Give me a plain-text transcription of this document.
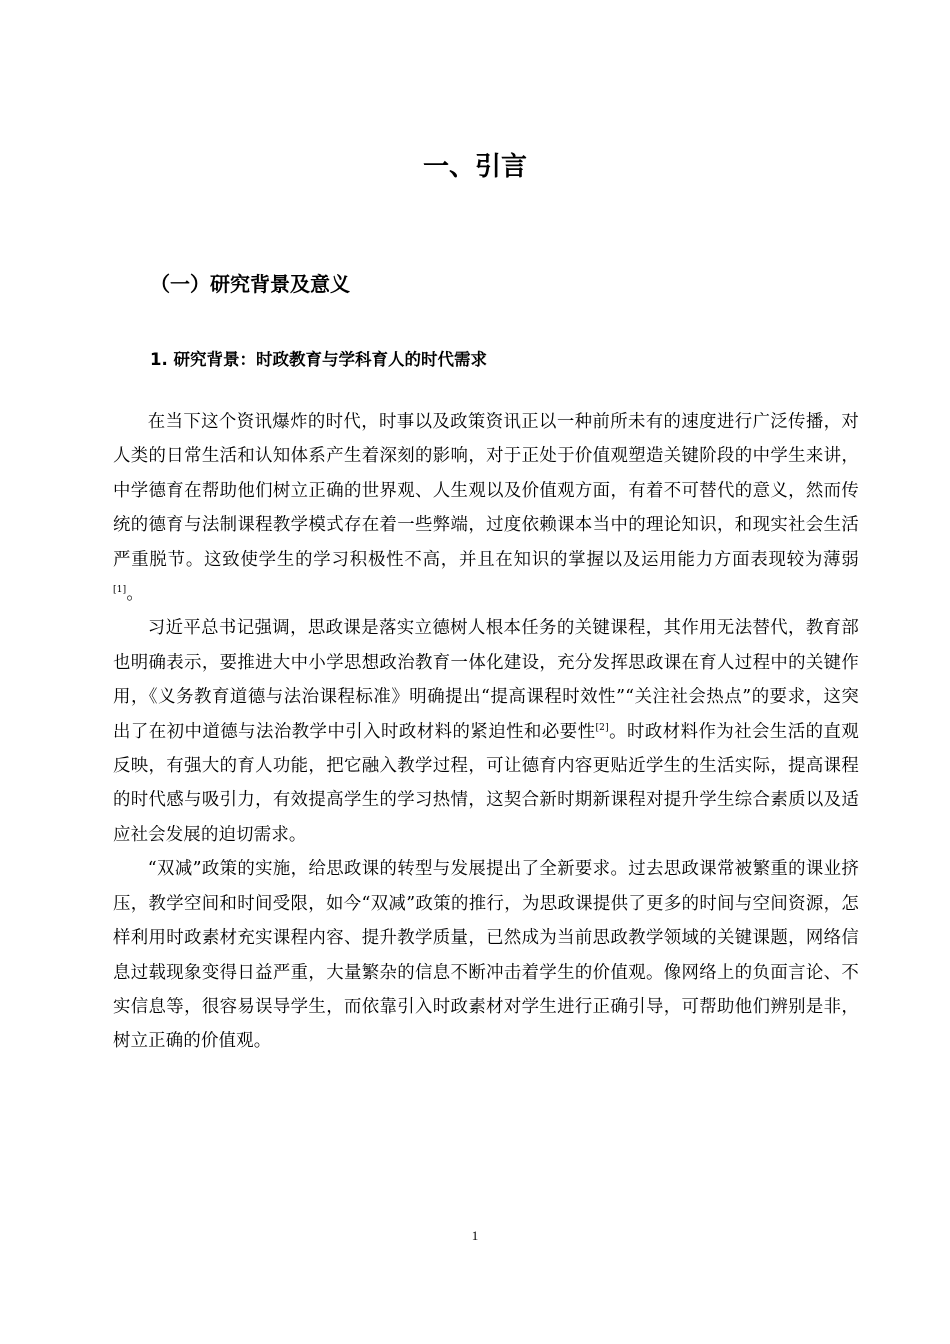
一、引言
（一）研究背景及意义
1. 研究背景：时政教育与学科育人的时代需求

在当下这个资讯爆炸的时代，时事以及政策资讯正以一种前所未有的速度进行广泛传播，对人类的日常生活和认知体系产生着深刻的影响，对于正处于价值观塑造关键阶段的中学生来讲，中学德育在帮助他们树立正确的世界观、人生观以及价值观方面，有着不可替代的意义，然而传统的德育与法制课程教学模式存在着一些弊端，过度依赖课本当中的理论知识，和现实社会生活严重脱节。这致使学生的学习积极性不高，并且在知识的掌握以及运用能力方面表现较为薄弱[1]。

习近平总书记强调，思政课是落实立德树人根本任务的关键课程，其作用无法替代，教育部也明确表示，要推进大中小学思想政治教育一体化建设，充分发挥思政课在育人过程中的关键作用，《义务教育道德与法治课程标准》明确提出“提高课程时效性”“关注社会热点”的要求，这突出了在初中道德与法治教学中引入时政材料的紧迫性和必要性[2]。时政材料作为社会生活的直观反映，有强大的育人功能，把它融入教学过程，可让德育内容更贴近学生的生活实际，提高课程的时代感与吸引力，有效提高学生的学习热情，这契合新时期新课程对提升学生综合素质以及适应社会发展的迫切需求。

“双减”政策的实施，给思政课的转型与发展提出了全新要求。过去思政课常被繁重的课业挤压，教学空间和时间受限，如今“双减”政策的推行，为思政课提供了更多的时间与空间资源，怎样利用时政素材充实课程内容、提升教学质量，已然成为当前思政教学领域的关键课题，网络信息过载现象变得日益严重，大量繁杂的信息不断冲击着学生的价值观。像网络上的负面言论、不实信息等，很容易误导学生，而依靠引入时政素材对学生进行正确引导，可帮助他们辨别是非，树立正确的价值观。

1
